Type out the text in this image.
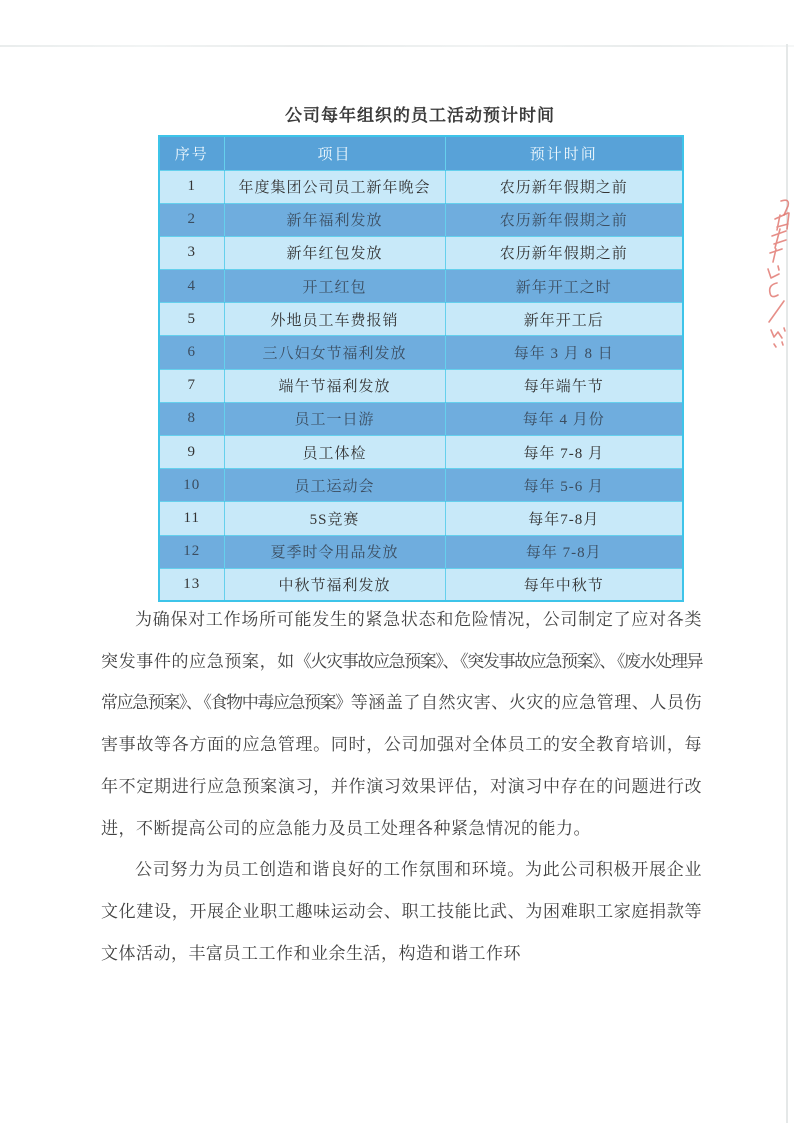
公司每年组织的员工活动预计时间
序号	项目	预计时间
1	年度集团公司员工新年晚会	农历新年假期之前
2	新年福利发放	农历新年假期之前
3	新年红包发放	农历新年假期之前
4	开工红包	新年开工之时
5	外地员工车费报销	新年开工后
6	三八妇女节福利发放	每年 3 月 8 日
7	端午节福利发放	每年端午节
8	员工一日游	每年 4 月份
9	员工体检	每年 7-8 月
10	员工运动会	每年 5-6 月
11	5S竞赛	每年7-8月
12	夏季时令用品发放	每年 7-8月
13	中秋节福利发放	每年中秋节

为确保对工作场所可能发生的紧急状态和危险情况，公司制定了应对各类突发事件的应急预案，如《火灾事故应急预案》、《突发事故应急预案》、《废水处理异常应急预案》、《食物中毒应急预案》等涵盖了自然灾害、火灾的应急管理、人员伤害事故等各方面的应急管理。同时，公司加强对全体员工的安全教育培训，每年不定期进行应急预案演习，并作演习效果评估，对演习中存在的问题进行改进，不断提高公司的应急能力及员工处理各种紧急情况的能力。

公司努力为员工创造和谐良好的工作氛围和环境。为此公司积极开展企业文化建设，开展企业职工趣味运动会、职工技能比武、为困难职工家庭捐款等文体活动，丰富员工工作和业余生活，构造和谐工作环
